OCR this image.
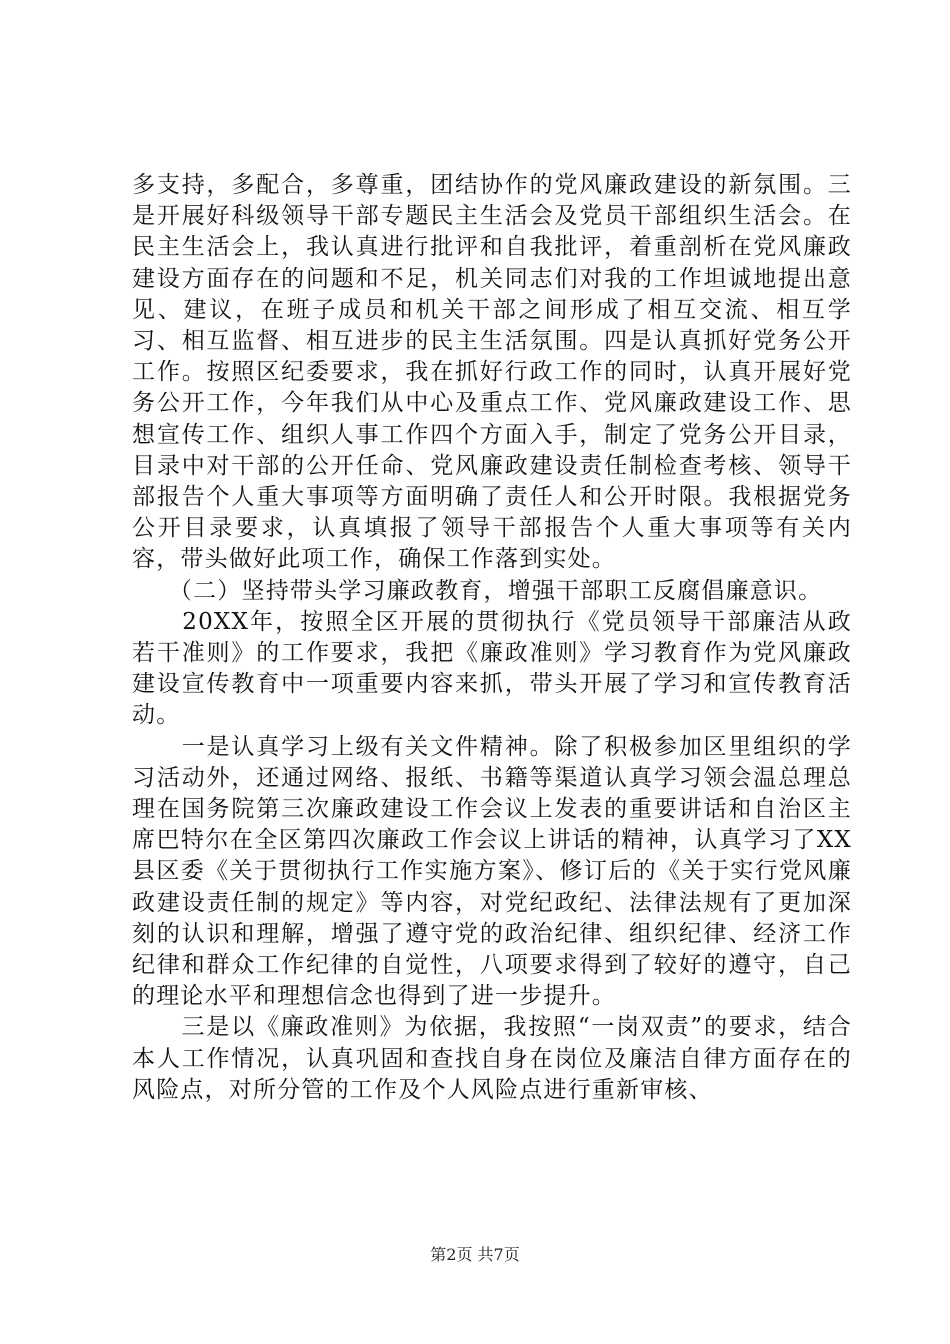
多支持，多配合，多尊重，团结协作的党风廉政建设的新氛围。三是开展好科级领导干部专题民主生活会及党员干部组织生活会。在民主生活会上，我认真进行批评和自我批评，着重剖析在党风廉政建设方面存在的问题和不足，机关同志们对我的工作坦诚地提出意见、建议，在班子成员和机关干部之间形成了相互交流、相互学习、相互监督、相互进步的民主生活氛围。四是认真抓好党务公开工作。按照区纪委要求，我在抓好行政工作的同时，认真开展好党务公开工作，今年我们从中心及重点工作、党风廉政建设工作、思想宣传工作、组织人事工作四个方面入手，制定了党务公开目录，目录中对干部的公开任命、党风廉政建设责任制检查考核、领导干部报告个人重大事项等方面明确了责任人和公开时限。我根据党务公开目录要求，认真填报了领导干部报告个人重大事项等有关内容，带头做好此项工作，确保工作落到实处。

　　（二）坚持带头学习廉政教育，增强干部职工反腐倡廉意识。

　　20XX年，按照全区开展的贯彻执行《党员领导干部廉洁从政若干准则》的工作要求，我把《廉政准则》学习教育作为党风廉政建设宣传教育中一项重要内容来抓，带头开展了学习和宣传教育活动。

　　一是认真学习上级有关文件精神。除了积极参加区里组织的学习活动外，还通过网络、报纸、书籍等渠道认真学习领会温总理总理在国务院第三次廉政建设工作会议上发表的重要讲话和自治区主席巴特尔在全区第四次廉政工作会议上讲话的精神，认真学习了XX县区委《关于贯彻执行工作实施方案》、修订后的《关于实行党风廉政建设责任制的规定》等内容，对党纪政纪、法律法规有了更加深刻的认识和理解，增强了遵守党的政治纪律、组织纪律、经济工作纪律和群众工作纪律的自觉性，八项要求得到了较好的遵守，自己的理论水平和理想信念也得到了进一步提升。

　　三是以《廉政准则》为依据，我按照“一岗双责”的要求，结合本人工作情况，认真巩固和查找自身在岗位及廉洁自律方面存在的风险点，对所分管的工作及个人风险点进行重新审核、

第2页 共7页
